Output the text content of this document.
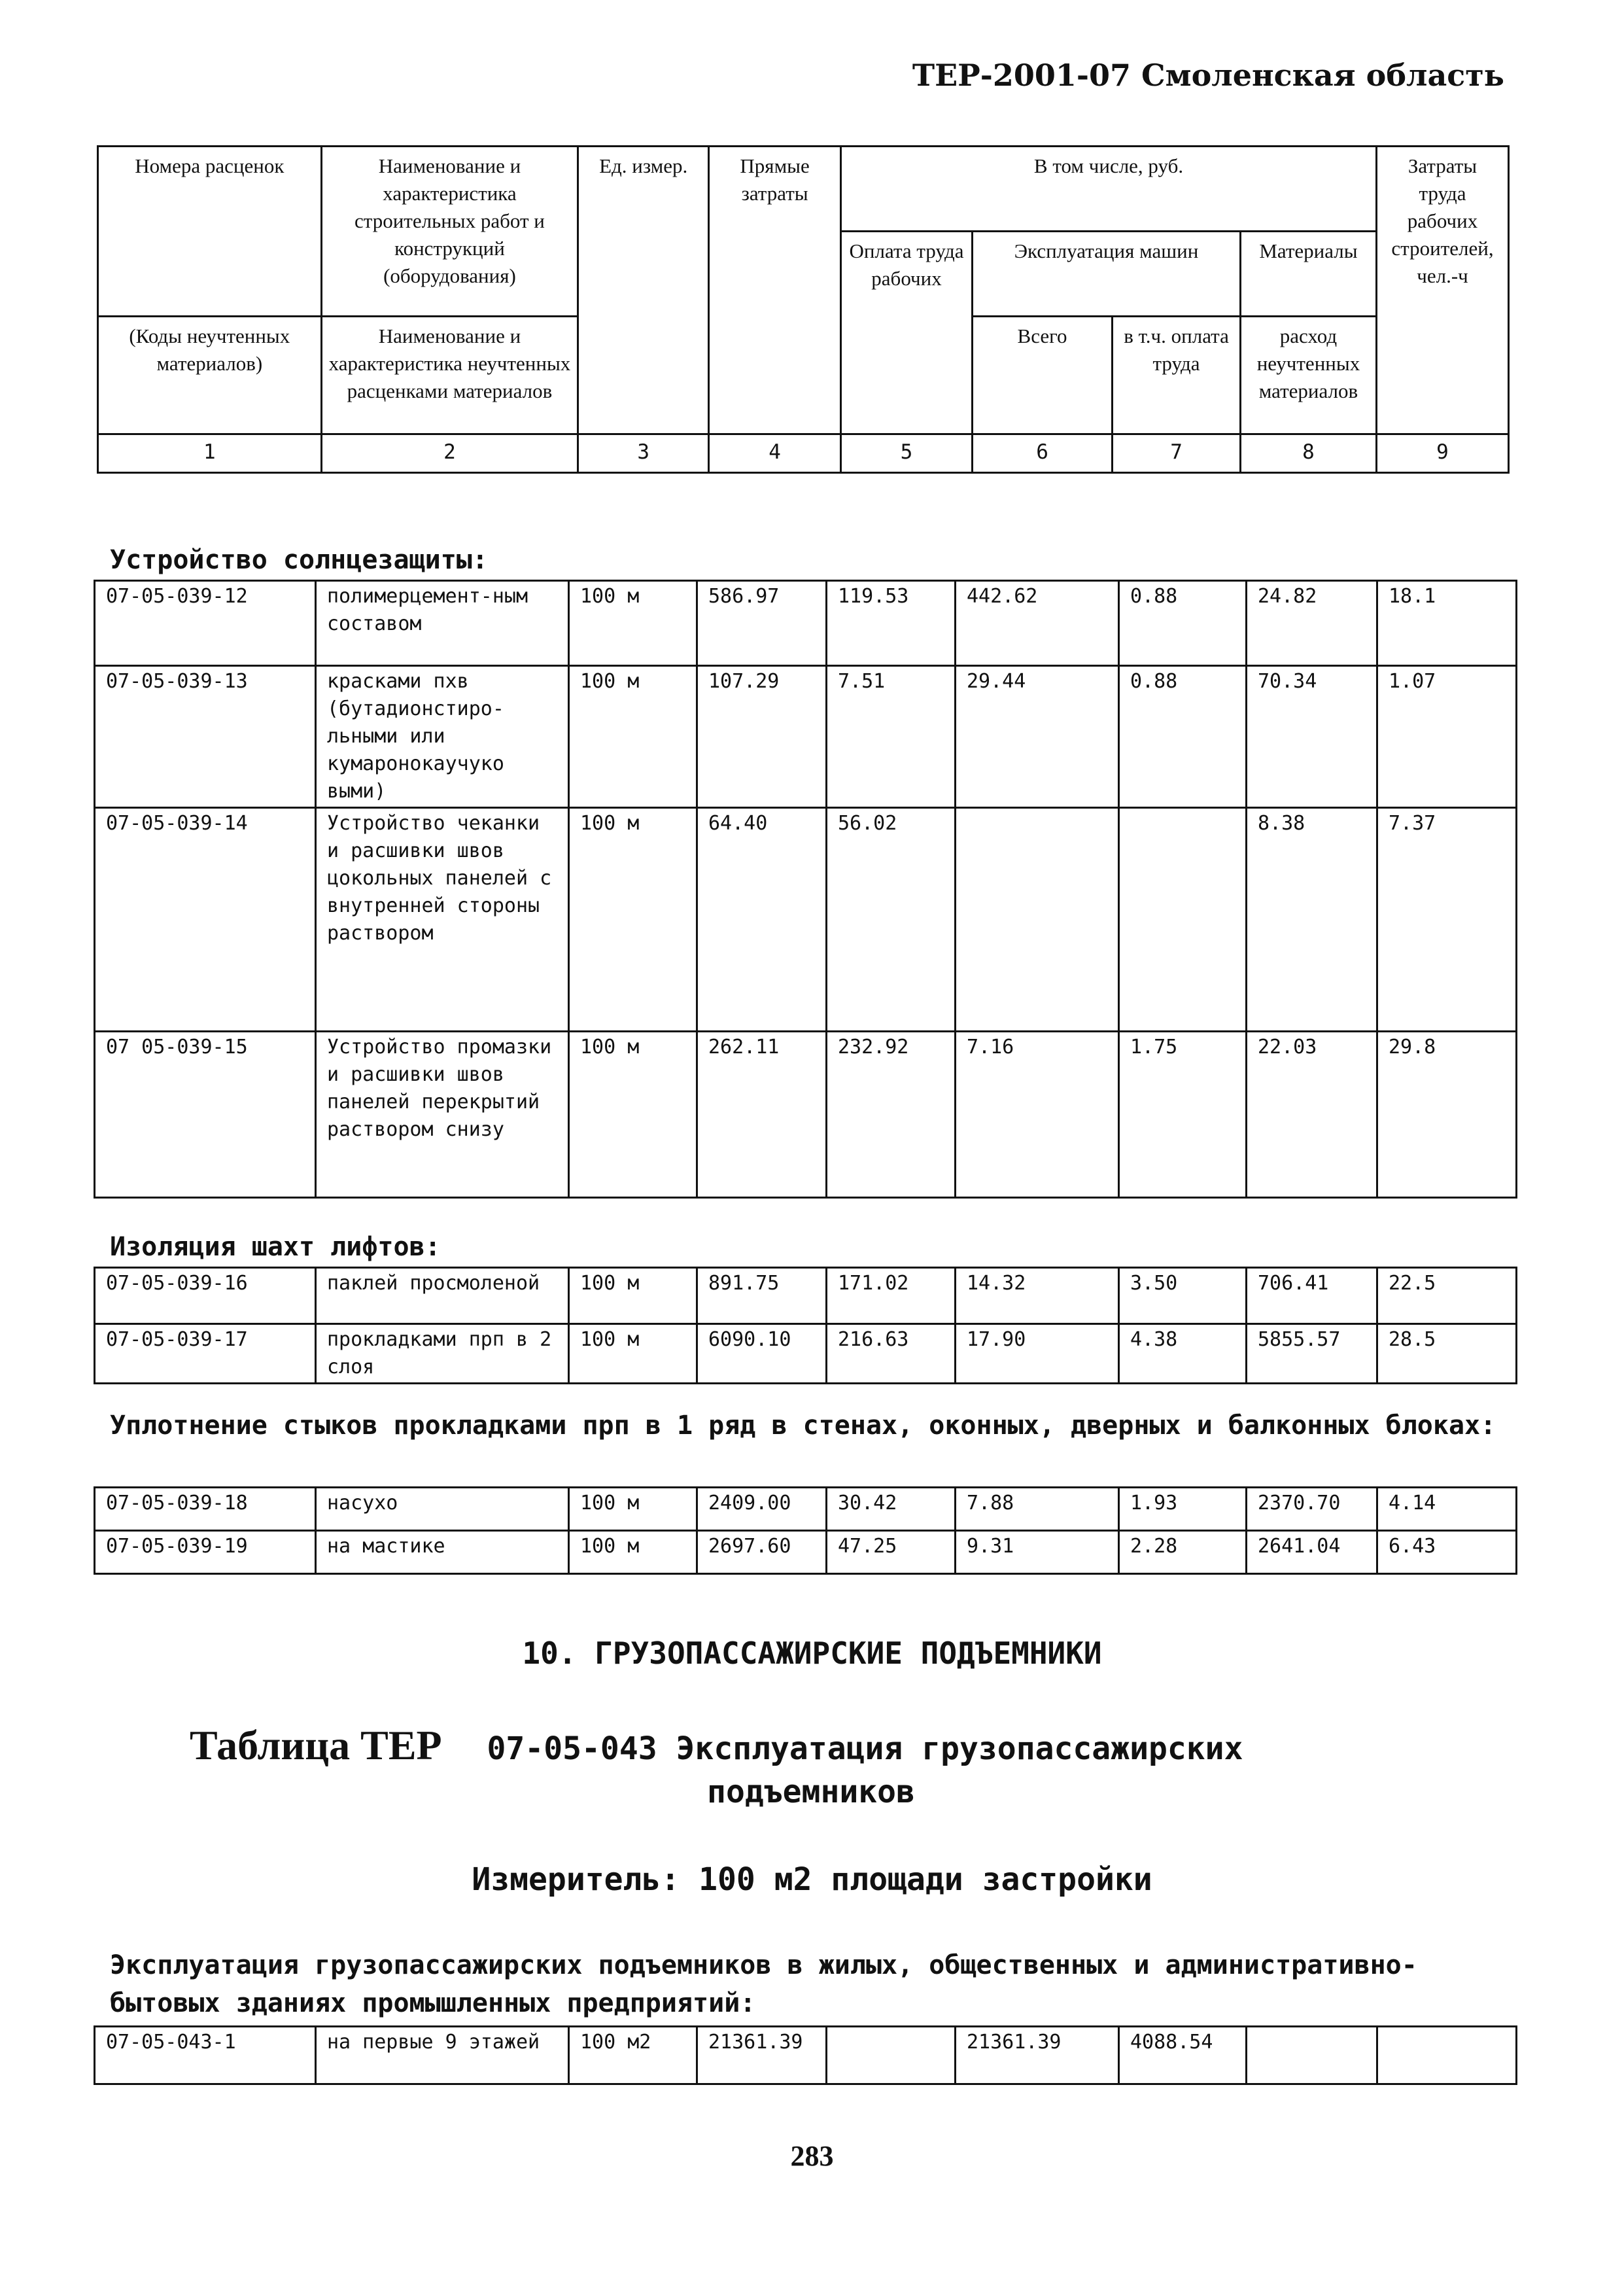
ТЕР-2001-07 Смоленская область
Номера расценок	Наименование и характеристика строительных работ и конструкций (оборудования)	Ед. измер.	Прямые затраты	В том числе, руб.				Затраты труда рабочих строителей, чел.-ч
				Оплата труда рабочих	Эксплуатация машин		Материалы	
(Коды неучтенных материалов)	Наименование и характеристика неучтенных расценками материалов				Всего	в т.ч. оплата труда	расход неучтенных материалов	

1	2	3	4	5	6	7	8	9
Устройство солнцезащиты:
07-05-039-12	полимерцемент-ным составом	100 м	586.97	119.53	442.62	0.88	24.82	18.1
07-05-039-13	красками пхв (бутадионстиро-льными или кумаронокаучуко выми)	100 м	107.29	7.51	29.44	0.88	70.34	1.07
07-05-039-14	Устройство чеканки и расшивки швов цокольных панелей с внутренней стороны раствором	100 м	64.40	56.02			8.38	7.37
07 05-039-15	Устройство промазки и расшивки швов панелей перекрытий раствором снизу	100 м	262.11	232.92	7.16	1.75	22.03	29.8
Изоляция шахт лифтов:
07-05-039-16	паклей просмоленой	100 м	891.75	171.02	14.32	3.50	706.41	22.5
07-05-039-17	прокладками прп в 2 слоя	100 м	6090.10	216.63	17.90	4.38	5855.57	28.5
Уплотнение стыков прокладками прп в 1 ряд в стенах, оконных, дверных и балконных блоках:
07-05-039-18	насухо	100 м	2409.00	30.42	7.88	1.93	2370.70	4.14
07-05-039-19	на мастике	100 м	2697.60	47.25	9.31	2.28	2641.04	6.43
10. ГРУЗОПАССАЖИРСКИЕ ПОДЪЕМНИКИ
Таблица ТЕР 07-05-043 Эксплуатация грузопассажирских
подъемников
Измеритель: 100 м2 площади застройки
Эксплуатация грузопассажирских подъемников в жилых, общественных и административно- бытовых зданиях промышленных предприятий:
07-05-043-1	на первые 9 этажей	100 м2	21361.39		21361.39	4088.54		
283
